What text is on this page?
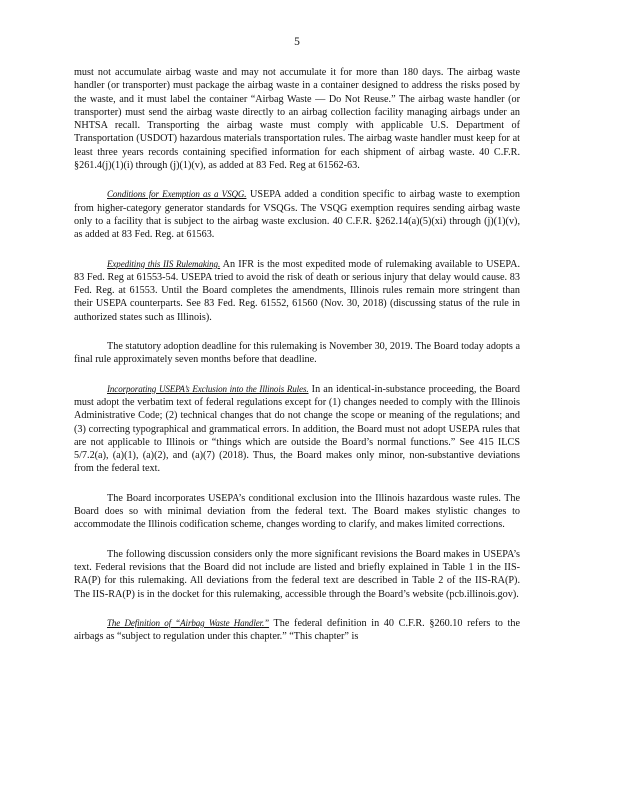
5

must not accumulate airbag waste and may not accumulate it for more than 180 days. The airbag waste handler (or transporter) must package the airbag waste in a container designed to address the risks posed by the waste, and it must label the container “Airbag Waste — Do Not Reuse.” The airbag waste handler (or transporter) must send the airbag waste directly to an airbag collection facility managing airbags under an NHTSA recall. Transporting the airbag waste must comply with applicable U.S. Department of Transportation (USDOT) hazardous materials transportation rules. The airbag waste handler must keep for at least three years records containing specified information for each shipment of airbag waste. 40 C.F.R. §261.4(j)(1)(i) through (j)(1)(v), as added at 83 Fed. Reg at 61562-63.

Conditions for Exemption as a VSQG. USEPA added a condition specific to airbag waste to exemption from higher-category generator standards for VSQGs. The VSQG exemption requires sending airbag waste only to a facility that is subject to the airbag waste exclusion. 40 C.F.R. §262.14(a)(5)(xi) through (j)(1)(v), as added at 83 Fed. Reg. at 61563.

Expediting this IIS Rulemaking. An IFR is the most expedited mode of rulemaking available to USEPA. 83 Fed. Reg at 61553-54. USEPA tried to avoid the risk of death or serious injury that delay would cause. 83 Fed. Reg. at 61553. Until the Board completes the amendments, Illinois rules remain more stringent than their USEPA counterparts. See 83 Fed. Reg. 61552, 61560 (Nov. 30, 2018) (discussing status of the rule in authorized states such as Illinois).

The statutory adoption deadline for this rulemaking is November 30, 2019. The Board today adopts a final rule approximately seven months before that deadline.

Incorporating USEPA’s Exclusion into the Illinois Rules. In an identical-in-substance proceeding, the Board must adopt the verbatim text of federal regulations except for (1) changes needed to comply with the Illinois Administrative Code; (2) technical changes that do not change the scope or meaning of the regulations; and (3) correcting typographical and grammatical errors. In addition, the Board must not adopt USEPA rules that are not applicable to Illinois or “things which are outside the Board’s normal functions.” See 415 ILCS 5/7.2(a), (a)(1), (a)(2), and (a)(7) (2018). Thus, the Board makes only minor, non-substantive deviations from the federal text.

The Board incorporates USEPA’s conditional exclusion into the Illinois hazardous waste rules. The Board does so with minimal deviation from the federal text. The Board makes stylistic changes to accommodate the Illinois codification scheme, changes wording to clarify, and makes limited corrections.

The following discussion considers only the more significant revisions the Board makes in USEPA’s text. Federal revisions that the Board did not include are listed and briefly explained in Table 1 in the IIS-RA(P) for this rulemaking. All deviations from the federal text are described in Table 2 of the IIS-RA(P). The IIS-RA(P) is in the docket for this rulemaking, accessible through the Board’s website (pcb.illinois.gov).

The Definition of “Airbag Waste Handler.” The federal definition in 40 C.F.R. §260.10 refers to the airbags as “subject to regulation under this chapter.” “This chapter” is
